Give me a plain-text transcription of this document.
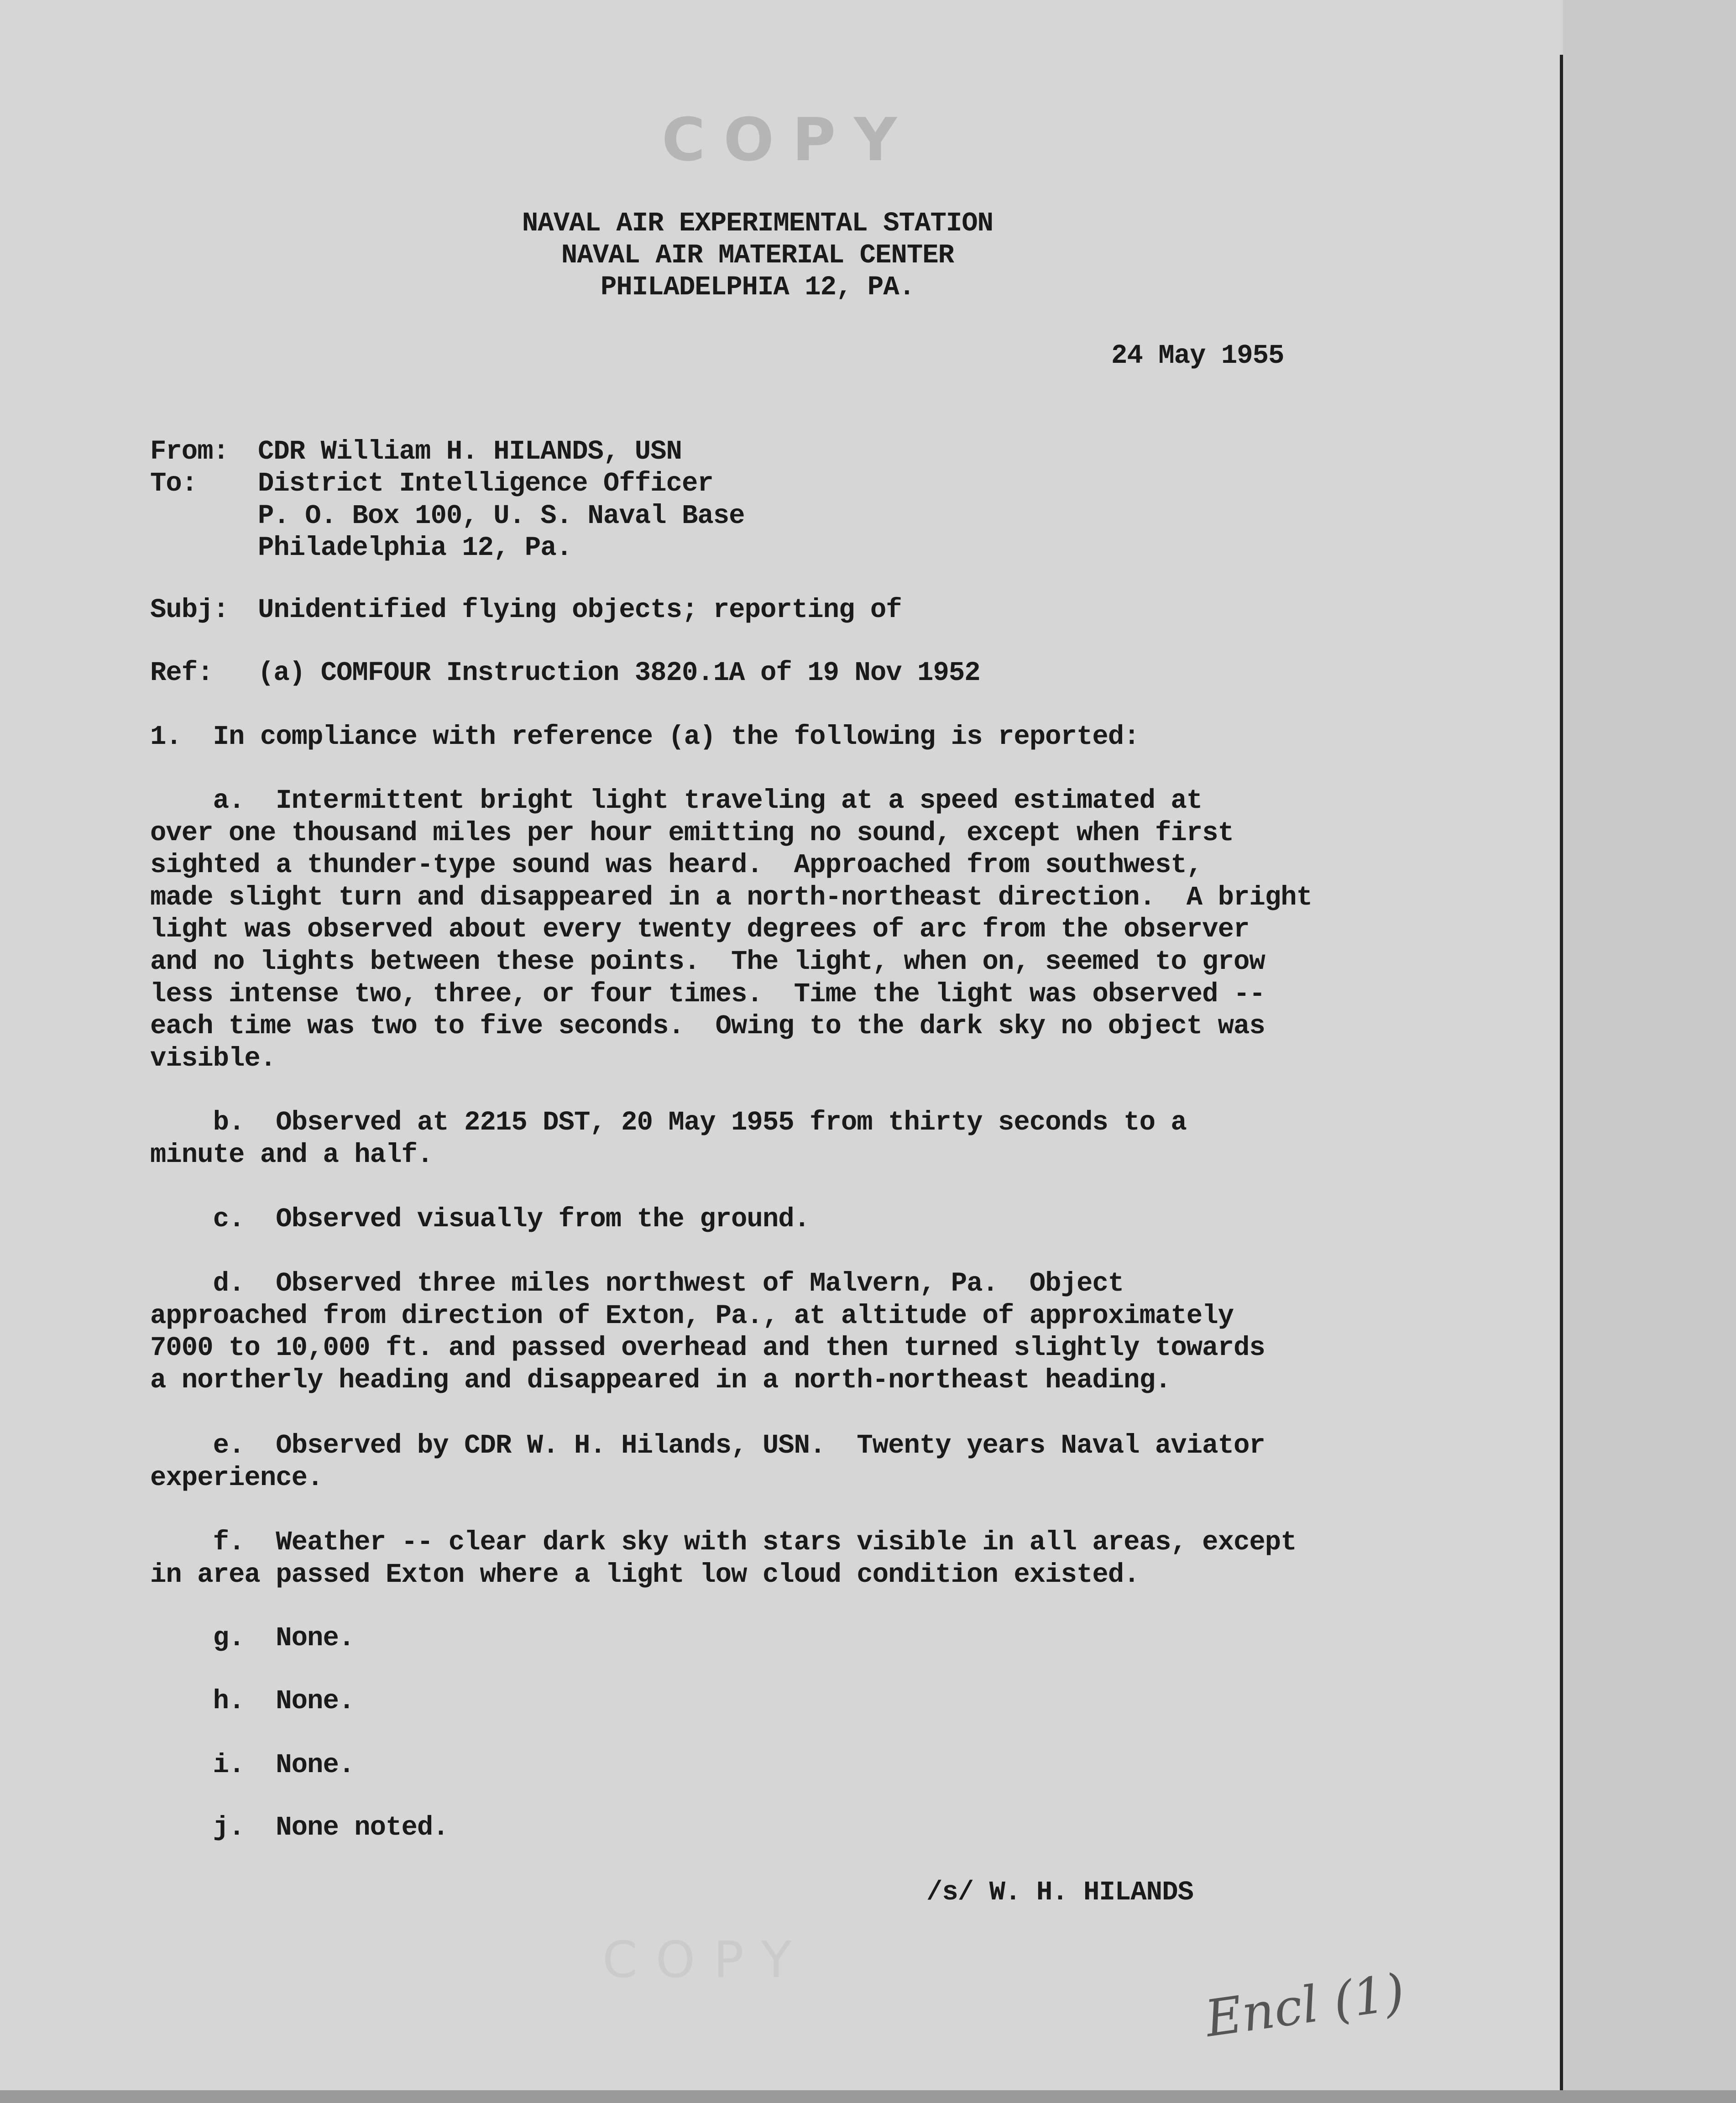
COPY
NAVAL AIR EXPERIMENTAL STATION
NAVAL AIR MATERIAL CENTER
PHILADELPHIA 12, PA.
24 May 1955
From: CDR William H. HILANDS, USN
To: District Intelligence Officer
P. O. Box 100, U. S. Naval Base
Philadelphia 12, Pa.
Subj: Unidentified flying objects; reporting of
Ref: (a) COMFOUR Instruction 3820.1A of 19 Nov 1952
1.  In compliance with reference (a) the following is reported:
a.  Intermittent bright light traveling at a speed estimated at
over one thousand miles per hour emitting no sound, except when first
sighted a thunder-type sound was heard.  Approached from southwest,
made slight turn and disappeared in a north-northeast direction.  A bright
light was observed about every twenty degrees of arc from the observer
and no lights between these points.  The light, when on, seemed to grow
less intense two, three, or four times.  Time the light was observed --
each time was two to five seconds.  Owing to the dark sky no object was
visible.
b.  Observed at 2215 DST, 20 May 1955 from thirty seconds to a
minute and a half.
c.  Observed visually from the ground.
d.  Observed three miles northwest of Malvern, Pa.  Object
approached from direction of Exton, Pa., at altitude of approximately
7000 to 10,000 ft. and passed overhead and then turned slightly towards
a northerly heading and disappeared in a north-northeast heading.
e.  Observed by CDR W. H. Hilands, USN.  Twenty years Naval aviator
experience.
f.  Weather -- clear dark sky with stars visible in all areas, except
in area passed Exton where a light low cloud condition existed.
g.  None.
h.  None.
i.  None.
j.  None noted.
/s/ W. H. HILANDS
COPY
Encl (1)
